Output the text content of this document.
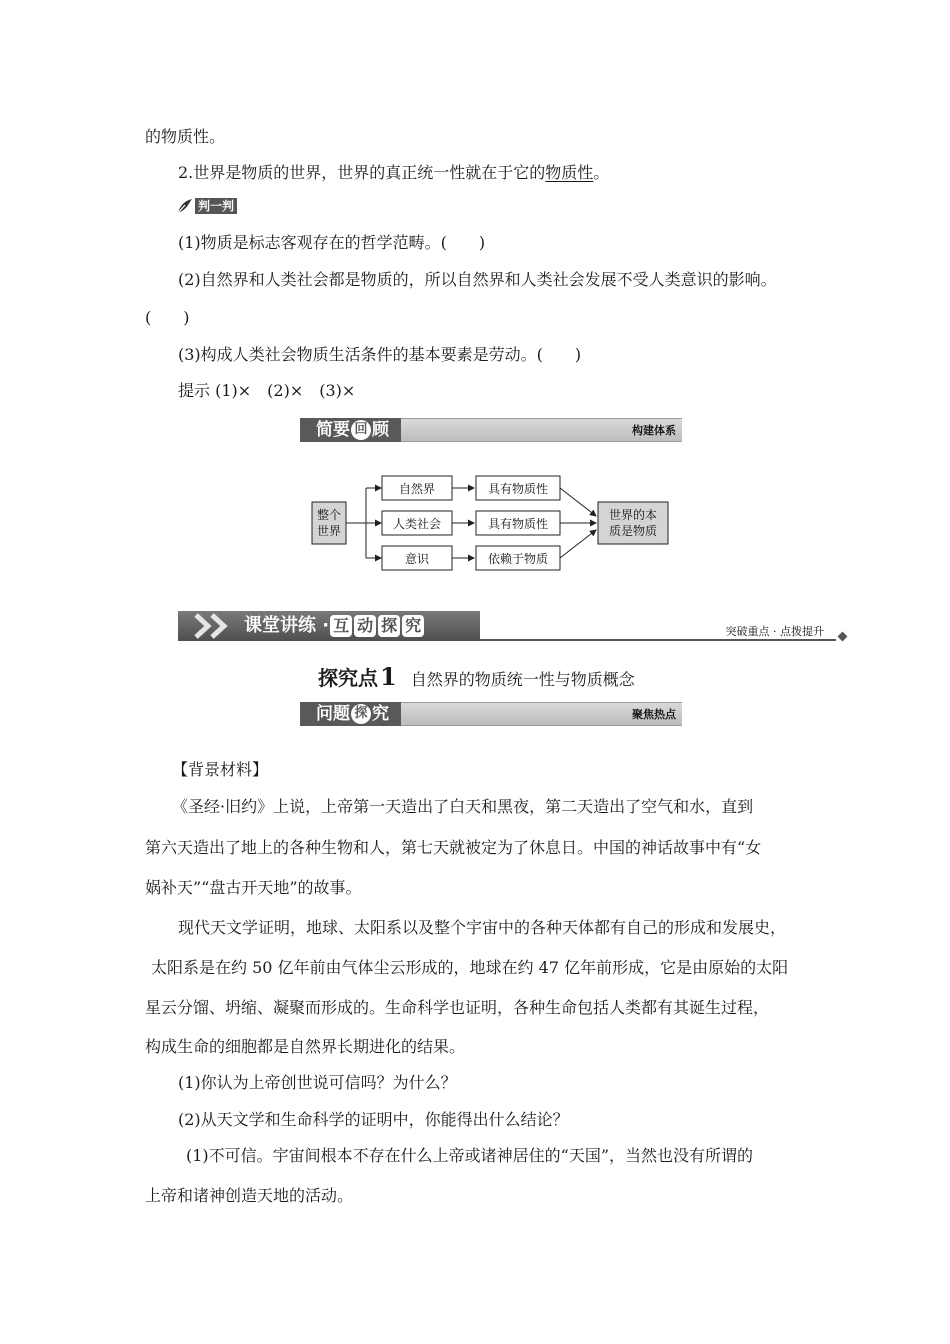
的物质性。
2.世界是物质的世界，世界的真正统一性就在于它的物质性。
判一判
(1)物质是标志客观存在的哲学范畴。(　　)
(2)自然界和人类社会都是物质的，所以自然界和人类社会发展不受人类意识的影响。
(　　)
(3)构成人类社会物质生活条件的基本要素是劳动。(　　)
提示 (1)×　(2)×　(3)×
简要 回 顾	构建体系
整个
世界
自然界
人类社会
意识
具有物质性
具有物质性
依赖于物质
世界的本
质是物质
课堂讲练 · 互 动 探 究	突破重点 · 点拨提升
探究点 1 自然界的物质统一性与物质概念
问题 探 究	聚焦热点
【背景材料】
《圣经·旧约》上说，上帝第一天造出了白天和黑夜，第二天造出了空气和水，直到
第六天造出了地上的各种生物和人，第七天就被定为了休息日。中国的神话故事中有“女
娲补天”“盘古开天地”的故事。
现代天文学证明，地球、太阳系以及整个宇宙中的各种天体都有自己的形成和发展史，
太阳系是在约 50 亿年前由气体尘云形成的，地球在约 47 亿年前形成，它是由原始的太阳
星云分馏、坍缩、凝聚而形成的。生命科学也证明，各种生命包括人类都有其诞生过程，
构成生命的细胞都是自然界长期进化的结果。
(1)你认为上帝创世说可信吗？为什么？
(2)从天文学和生命科学的证明中，你能得出什么结论？
(1)不可信。宇宙间根本不存在什么上帝或诸神居住的“天国”，当然也没有所谓的
上帝和诸神创造天地的活动。
